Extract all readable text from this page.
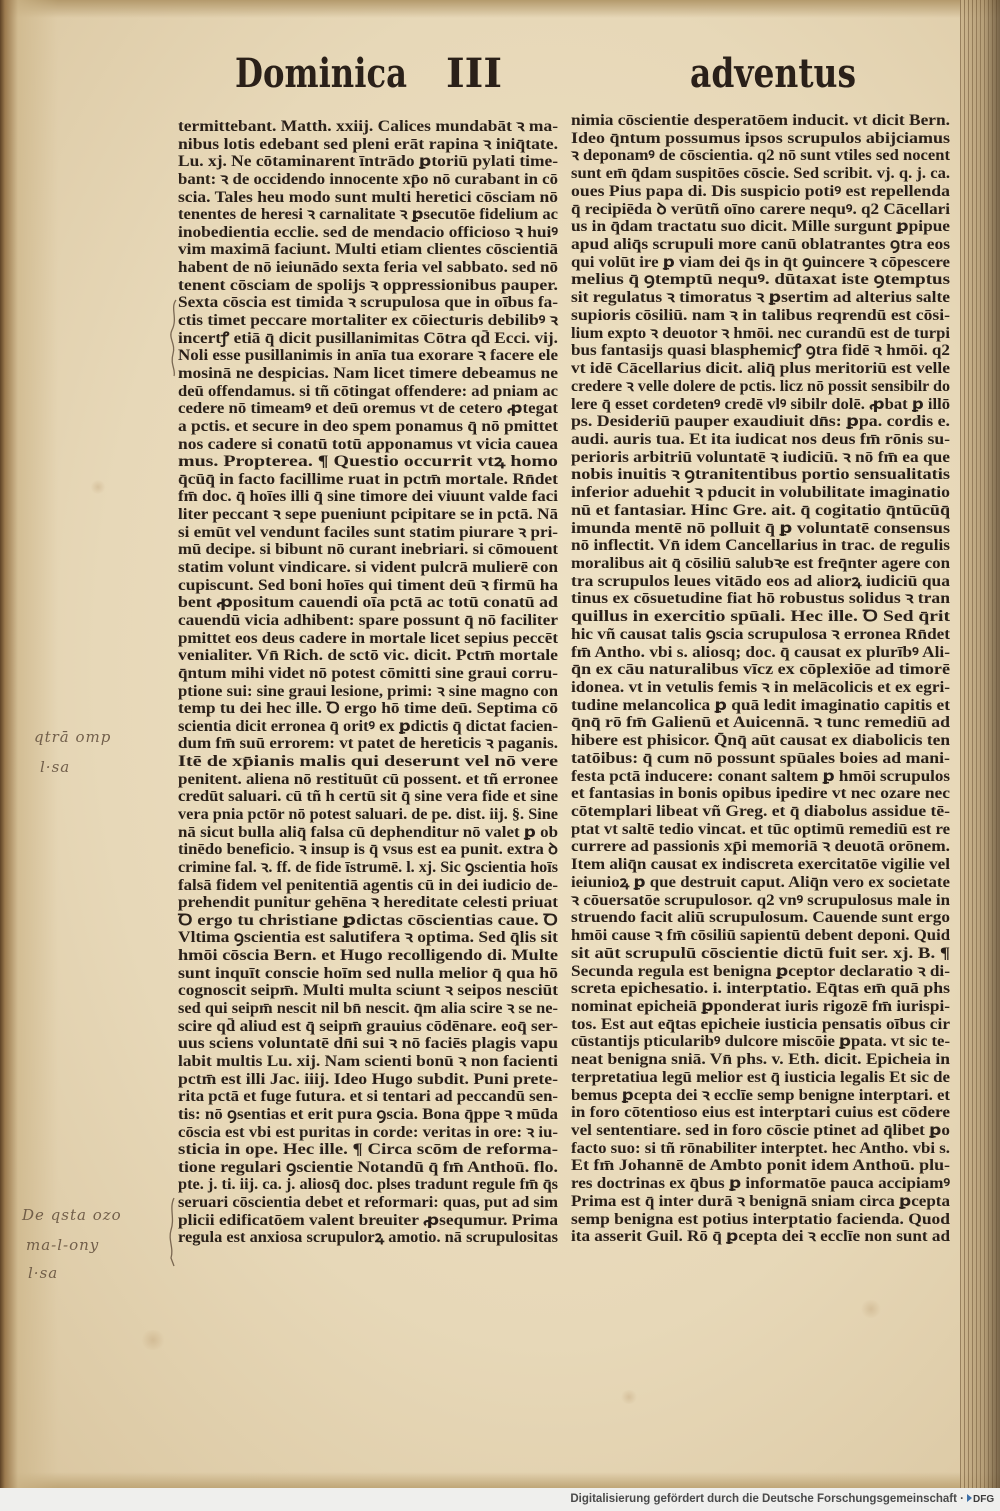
Dominica III	adventus
termittebant. Matth. xxiij. Calices mundabāt ꝛ ma-
nibus lotis edebant sed pleni erāt rapina ꝛ iniq̄tate.
Lu. xj. Ne cōtaminarent īntrādo ꝑtoriū pylati time-
bant: ꝛ de occidendo innocente xp̄o nō curabant in cō
scia. Tales heu modo sunt multi heretici cōsciam nō
tenentes de heresi ꝛ carnalitate ꝛ ꝑsecutōe fidelium ac
inobedientia ecclie. sed de mendacio officioso ꝛ huiꝰ
vim maximā faciunt. Multi etiam clientes cōscientiā
habent de nō ieiunādo sexta feria vel sabbato. sed nō
tenent cōsciam de spolijs ꝛ oppressionibus pauper.
Sexta cōscia est timida ꝛ scrupulosa que in oībus fa-
ctis timet peccare mortaliter ex cōiecturis debilibꝰ ꝛ
incertꝭ etiā q̄ dicit pusillanimitas Cōtra qd̄ Ecci. vij.
Noli esse pusillanimis in anīa tua exorare ꝛ facere ele
mosinā ne despicias. Nam licet timere debeamus ne
deū offendamus. si tñ cōtingat offendere: ad pniam ac
cedere nō timeamꝰ et deū oremus vt de cetero ꝓtegat
a pctis. et secure in deo spem ponamus q̄ nō pmittet
nos cadere si conatū totū apponamus vt vicia cauea
mus. Propterea. ¶ Questio occurrit vtꝝ homo
q̄cūq̄ in facto facillime ruat in pctm̄ mortale. Rn̄det
fm̄ doc. q̄ hoīes illi q̄ sine timore dei viuunt valde faci
liter peccant ꝛ sepe pueniunt pcipitare se in pctā. Nā
si emūt vel vendunt faciles sunt statim piurare ꝛ pri-
mū decipe. si bibunt nō curant inebriari. si cōmouent
statim volunt vindicare. si vident pulcrā mulierē con
cupiscunt. Sed boni hoīes qui timent deū ꝛ firmū ha
bent ꝓpositum cauendi oīa pctā ac totū conatū ad
cauendū vicia adhibent: spare possunt q̄ nō faciliter
pmittet eos deus cadere in mortale licet sepius peccēt
venialiter. Vn̄ Rich. de sctō vic. dicit. Pctm̄ mortale
q̄ntum mihi videt nō potest cōmitti sine graui corru-
ptione sui: sine graui lesione, primi: ꝛ sine magno con
temp tu dei hec ille. Ꝺ ergo hō time deū. Septima cō
scientia dicit erronea q̄ oritꝰ ex ꝑdictis q̄ dictat facien-
dum fm̄ suū errorem: vt patet de hereticis ꝛ paganis.
Itē de xp̄ianis malis qui deserunt vel nō vere
penitent. aliena nō restituūt cū possent. et tñ erronee
credūt saluari. cū tñ h certū sit q̄ sine vera fide et sine
vera pnia pctōr nō potest saluari. de pe. dist. iij. §. Sine
nā sicut bulla aliq̄ falsa cū dephenditur nō valet ꝑ ob
tinēdo beneficio. ꝛ insup is q̄ vsus est ea punit. extra ꝺ
crimine fal. ꝛ. ff. de fide īstrumē. l. xj. Sic ꝯscientia hoīs
falsā fidem vel penitentiā agentis cū in dei iudicio de-
prehendit punitur gehēna ꝛ hereditate celesti priuat
Ꝺ ergo tu christiane ꝑdictas cōscientias caue. Ꝺ
Vltima ꝯscientia est salutifera ꝛ optima. Sed q̄lis sit
hmōi cōscia Bern. et Hugo recolligendo di. Multe
sunt inquīt conscie hoīm sed nulla melior q̄ qua hō
cognoscit seipm̄. Multi multa sciunt ꝛ seipos nesciūt
sed qui seipm̄ nescit nil bn̄ nescit. q̄m alia scire ꝛ se ne-
scire qd̄ aliud est q̄ seipm̄ grauius cōdēnare. eoq̄ ser-
uus sciens voluntatē dn̄i sui ꝛ nō faciēs plagis vapu
labit multis Lu. xij. Nam scienti bonū ꝛ non facienti
pctm̄ est illi Jac. iiij. Ideo Hugo subdit. Puni prete-
rita pctā et fuge futura. et si tentari ad peccandū sen-
tis: nō ꝯsentias et erit pura ꝯscia. Bona q̄ppe ꝛ mūda
cōscia est vbi est puritas in corde: veritas in ore: ꝛ iu-
sticia in ope. Hec ille. ¶ Circa scōm de reforma-
tione regulari ꝯscientie Notandū q̄ fm̄ Anthoū. flo.
pte. j. ti. iij. ca. j. aliosq̄ doc. plses tradunt regule fm̄ q̄s
seruari cōscientia debet et reformari: quas, put ad sim
plicii edificatōem valent breuiter ꝓsequmur. Prima
regula est anxiosa scrupulorꝝ amotio. nā scrupulositas
nimia cōscientie desperatōem inducit. vt dicit Bern.
Ideo q̄ntum possumus ipsos scrupulos abijciamus
ꝛ deponamꝰ de cōscientia. q2 nō sunt vtiles sed nocent
sunt em̄ q̄dam suspitōes cōscie. Sed scribit. vj. q. j. ca.
oues Pius papa di. Dis suspicio potiꝰ est repellenda
q̄ recipiēda ꝺ verūtñ oīno carere nequꝰ. q2 Cācellari
us in q̄dam tractatu suo dicit. Mille surgunt ꝑpipue
apud aliq̄s scrupuli more canū oblatrantes ꝯtra eos
qui volūt ire ꝑ viam dei q̄s in q̄t ꝯuincere ꝛ cōpescere
melius q̄ ꝯtemptū nequꝰ. dūtaxat iste ꝯtemptus
sit regulatus ꝛ timoratus ꝛ ꝑsertim ad alterius salte
supioris cōsiliū. nam ꝛ in talibus reqrendū est cōsi-
lium expto ꝛ deuotor ꝛ hmōi. nec curandū est de turpi
bus fantasijs quasi blasphemicꝭ ꝯtra fidē ꝛ hmōi. q2
vt idē Cācellarius dicit. aliq̄ plus meritoriū est velle
credere ꝛ velle dolere de pctis. licz nō possit sensibilr do
lere q̄ esset cordetenꝰ credē vlꝰ sibilr dolē. ꝓbat ꝑ illō
ps. Desideriū pauper exaudiuit dn̄s: ꝑpa. cordis e.
audi. auris tua. Et ita iudicat nos deus fm̄ rōnis su-
perioris arbitriū voluntatē ꝛ iudiciū. ꝛ nō fm̄ ea que
nobis inuitis ꝛ ꝯtranitentibus portio sensualitatis
inferior aduehit ꝛ pducit in volubilitate imaginatio
nū et fantasiar. Hinc Gre. ait. q̄ cogitatio q̄ntūcūq̄
imunda mentē nō polluit q̄ ꝑ voluntatē consensus
nō inflectit. Vn̄ idem Cancellarius in trac. de regulis
moralibus ait q̄ cōsiliū salubꝛe est freq̄nter agere con
tra scrupulos leues vitādo eos ad aliorꝝ iudiciū qua
tinus ex cōsuetudine fiat hō robustus solidus ꝛ tran
quillus in exercitio spūali. Hec ille. Ꝺ Sed q̄rit
hic vñ causat talis ꝯscia scrupulosa ꝛ erronea Rn̄det
fm̄ Antho. vbi s. aliosq; doc. q̄ causat ex plurībꝰ Ali-
q̄n ex cāu naturalibus vīcz ex cōplexiōe ad timorē
idonea. vt in vetulis femis ꝛ in melācolicis et ex egri-
tudine melancolica ꝑ quā ledit imaginatio capitis et
q̄nq̄ rō fm̄ Galienū et Auicennā. ꝛ tunc remediū ad
hibere est phisicor. Q̄nq̄ aūt causat ex diabolicis ten
tatōibus: q̄ cum nō possunt spūales boies ad mani-
festa pctā inducere: conant saltem ꝑ hmōi scrupulos
et fantasias in bonis opibus ipedire vt nec ozare nec
cōtemplari libeat vñ Greg. et q̄ diabolus assidue tē-
ptat vt saltē tedio vincat. et tūc optimū remediū est re
currere ad passionis xp̄i memoriā ꝛ deuotā orōnem.
Item aliq̄n causat ex indiscreta exercitatōe vigilie vel
ieiunioꝝ ꝑ que destruit caput. Aliq̄n vero ex societate
ꝛ cōuersatōe scrupulosor. q2 vnꝰ scrupulosus male in
struendo facit aliū scrupulosum. Cauende sunt ergo
hmōi cause ꝛ fm̄ cōsiliū sapientū debent deponi. Quid
sit aūt scrupulū cōscientie dictū fuit ser. xj. B. ¶
Secunda regula est benigna ꝑceptor declaratio ꝛ di-
screta epichesatio. i. interptatio. Eq̄tas em̄ quā phs
nominat epicheiā ꝑponderat iuris rigozē fm̄ iurispi-
tos. Est aut eq̄tas epicheie iusticia pensatis oībus cir
cūstantijs pticularibꝰ dulcore miscōie ꝑpata. vt sic te-
neat benigna sniā. Vn̄ phs. v. Eth. dicit. Epicheia in
terpretatiua legū melior est q̄ iusticia legalis Et sic de
bemus ꝑcepta dei ꝛ ecclīe semp benigne interptari. et
in foro cōtentioso eius est interptari cuius est cōdere
vel sententiare. sed in foro cōscie ptinet ad q̄libet ꝑo
facto suo: si tñ rōnabiliter interptet. hec Antho. vbi s.
Et fm̄ Johannē de Ambto ponit idem Anthoū. plu-
res doctrinas ex q̄bus ꝑ informatōe pauca accipiamꝰ
Prima est q̄ inter durā ꝛ benignā sniam circa ꝑcepta
semp benigna est potius interptatio facienda. Quod
ita asserit Guil. Rō q̄ ꝑcepta dei ꝛ ecclīe non sunt ad
qtrā omp
l·sa
De qsta ozo
ma-l-ony
l·sa
Digitalisierung gefördert durch die Deutsche Forschungsgemeinschaft · DFG
